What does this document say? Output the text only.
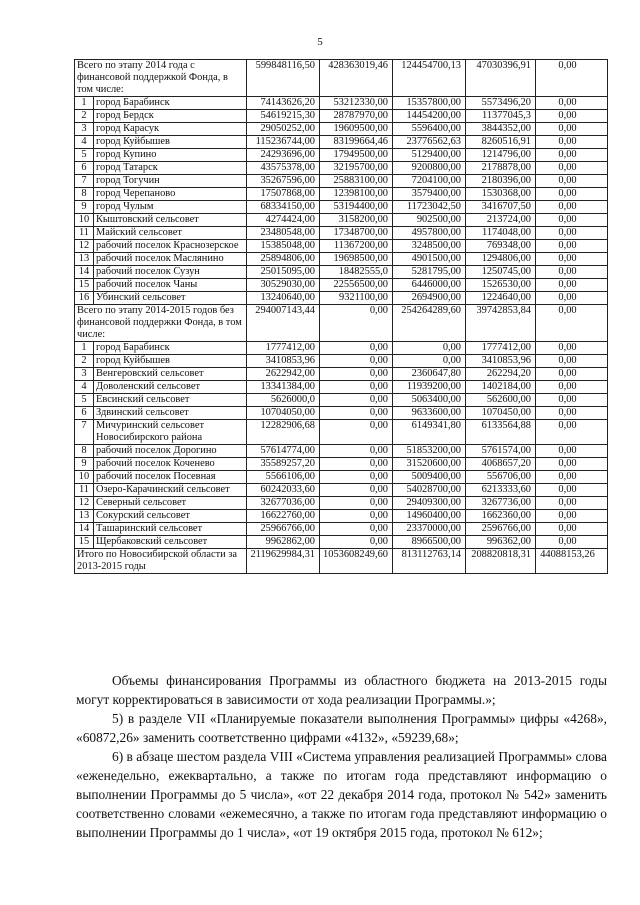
5
Всего по этапу 2014 года с финансовой поддержкой Фонда, в том числе:		599848116,50	428363019,46	124454700,13	47030396,91	0,00
1	город Барабинск	74143626,20	53212330,00	15357800,00	5573496,20	0,00
2	город Бердск	54619215,30	28787970,00	14454200,00	11377045,3	0,00
3	город Карасук	29050252,00	19609500,00	5596400,00	3844352,00	0,00
4	город Куйбышев	115236744,00	83199664,46	23776562,63	8260516,91	0,00
5	город Купино	24293696,00	17949500,00	5129400,00	1214796,00	0,00
6	город Татарск	43575378,00	32195700,00	9200800,00	2178878,00	0,00
7	город Тогучин	35267596,00	25883100,00	7204100,00	2180396,00	0,00
8	город Черепаново	17507868,00	12398100,00	3579400,00	1530368,00	0,00
9	город Чулым	68334150,00	53194400,00	11723042,50	3416707,50	0,00
10	Кыштовский сельсовет	4274424,00	3158200,00	902500,00	213724,00	0,00
11	Майский сельсовет	23480548,00	17348700,00	4957800,00	1174048,00	0,00
12	рабочий поселок Краснозерское	15385048,00	11367200,00	3248500,00	769348,00	0,00
13	рабочий поселок Маслянино	25894806,00	19698500,00	4901500,00	1294806,00	0,00
14	рабочий поселок Сузун	25015095,00	18482555,0	5281795,00	1250745,00	0,00
15	рабочий поселок Чаны	30529030,00	22556500,00	6446000,00	1526530,00	0,00
16	Убинский сельсовет	13240640,00	9321100,00	2694900,00	1224640,00	0,00
Всего по этапу 2014-2015 годов без финансовой поддержки Фонда, в том числе:		294007143,44	0,00	254264289,60	39742853,84	0,00
1	город Барабинск	1777412,00	0,00	0,00	1777412,00	0,00
2	город Куйбышев	3410853,96	0,00	0,00	3410853,96	0,00
3	Венгеровский сельсовет	2622942,00	0,00	2360647,80	262294,20	0,00
4	Доволенский сельсовет	13341384,00	0,00	11939200,00	1402184,00	0,00
5	Евсинский сельсовет	5626000,0	0,00	5063400,00	562600,00	0,00
6	Здвинский сельсовет	10704050,00	0,00	9633600,00	1070450,00	0,00
7	Мичуринский сельсовет Новосибирского района	12282906,68	0,00	6149341,80	6133564,88	0,00
8	рабочий поселок Дорогино	57614774,00	0,00	51853200,00	5761574,00	0,00
9	рабочий поселок Коченево	35589257,20	0,00	31520600,00	4068657,20	0,00
10	рабочий поселок Посевная	5566106,00	0,00	5009400,00	556706,00	0,00
11	Озеро-Карачинский сельсовет	60242033,60	0,00	54028700,00	6213333,60	0,00
12	Северный сельсовет	32677036,00	0,00	29409300,00	3267736,00	0,00
13	Сокурский сельсовет	16622760,00	0,00	14960400,00	1662360,00	0,00
14	Ташаринский сельсовет	25966766,00	0,00	23370000,00	2596766,00	0,00
15	Щербаковский сельсовет	9962862,00	0,00	8966500,00	996362,00	0,00
Итого по Новосибирской области за 2013-2015 годы		2119629984,31	1053608249,60	813112763,14	208820818,31	44088153,26

Объемы финансирования Программы из областного бюджета на 2013-2015 годы могут корректироваться в зависимости от хода реализации Программы.»;

5) в разделе VII «Планируемые показатели выполнения Программы» цифры «4268», «60872,26» заменить соответственно цифрами «4132», «59239,68»;

6) в абзаце шестом раздела VIII «Система управления реализацией Программы» слова «еженедельно, ежеквартально, а также по итогам года представляют информацию о выполнении Программы до 5 числа», «от 22 декабря 2014 года, протокол № 542» заменить соответственно словами «ежемесячно, а также по итогам года представляют информацию о выполнении Программы до 1 числа», «от 19 октября 2015 года, протокол № 612»;
